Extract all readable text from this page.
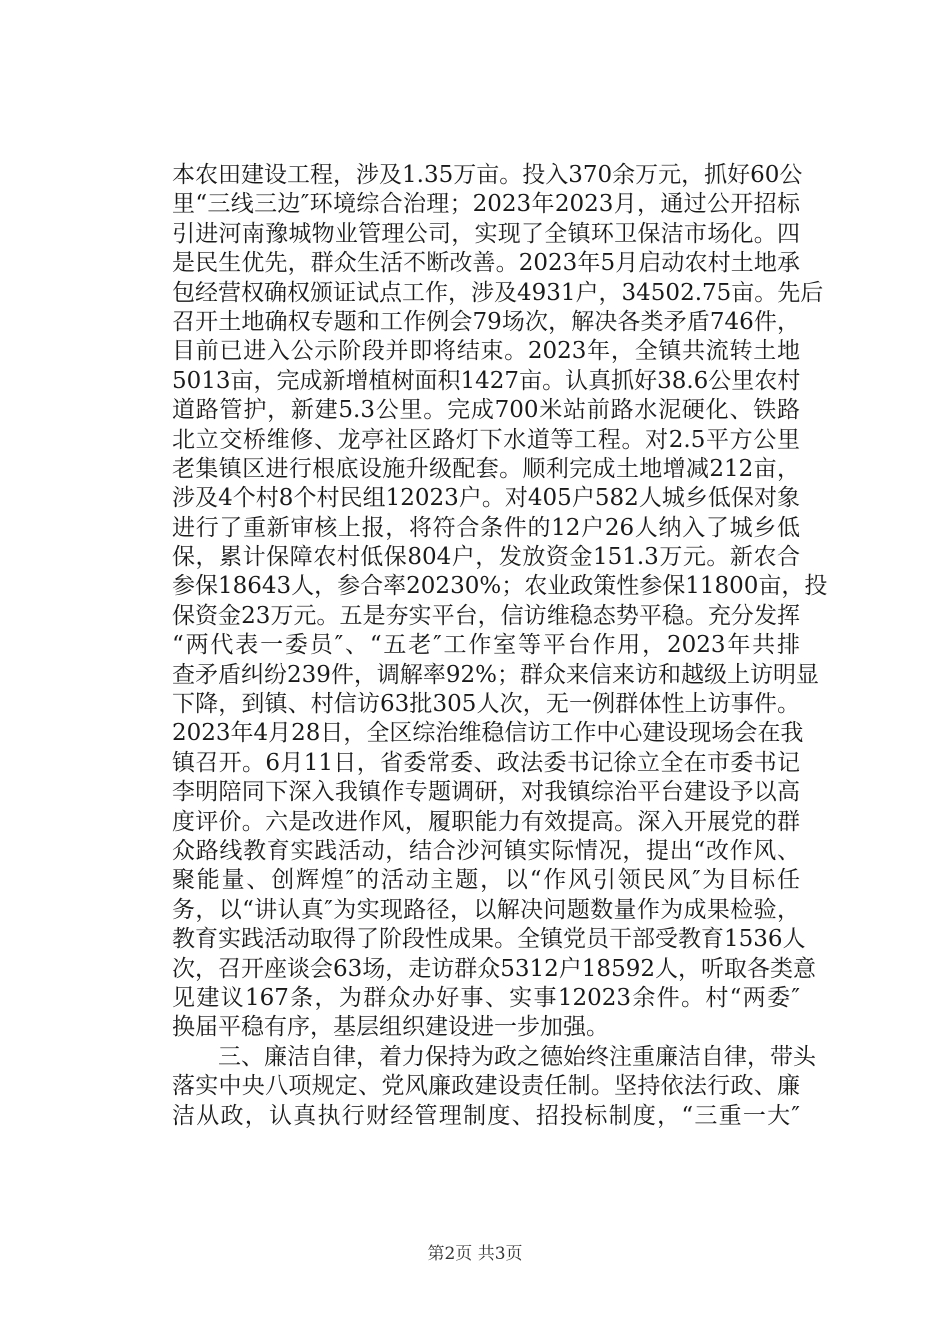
本农田建设工程，涉及1.35万亩。投入370余万元，抓好60公
里“三线三边″环境综合治理；2023年2023月，通过公开招标
引进河南豫城物业管理公司，实现了全镇环卫保洁市场化。四
是民生优先，群众生活不断改善。2023年5月启动农村土地承
包经营权确权颁证试点工作，涉及4931户，34502.75亩。先后
召开土地确权专题和工作例会79场次，解决各类矛盾746件，
目前已进入公示阶段并即将结束。2023年，全镇共流转土地
5013亩，完成新增植树面积1427亩。认真抓好38.6公里农村
道路管护，新建5.3公里。完成700米站前路水泥硬化、铁路
北立交桥维修、龙亭社区路灯下水道等工程。对2.5平方公里
老集镇区进行根底设施升级配套。顺利完成土地增减212亩，
涉及4个村8个村民组12023户。对405户582人城乡低保对象
进行了重新审核上报，将符合条件的12户26人纳入了城乡低
保，累计保障农村低保804户，发放资金151.3万元。新农合
参保18643人，参合率20230%；农业政策性参保11800亩，投
保资金23万元。五是夯实平台，信访维稳态势平稳。充分发挥
“两代表一委员″、“五老″工作室等平台作用，2023年共排
查矛盾纠纷239件，调解率92%；群众来信来访和越级上访明显
下降，到镇、村信访63批305人次，无一例群体性上访事件。
2023年4月28日，全区综治维稳信访工作中心建设现场会在我
镇召开。6月11日，省委常委、政法委书记徐立全在市委书记
李明陪同下深入我镇作专题调研，对我镇综治平台建设予以高
度评价。六是改进作风，履职能力有效提高。深入开展党的群
众路线教育实践活动，结合沙河镇实际情况，提出“改作风、
聚能量、创辉煌″的活动主题，以“作风引领民风″为目标任
务，以“讲认真″为实现路径，以解决问题数量作为成果检验，
教育实践活动取得了阶段性成果。全镇党员干部受教育1536人
次，召开座谈会63场，走访群众5312户18592人，听取各类意
见建议167条，为群众办好事、实事12023余件。村“两委″
换届平稳有序，基层组织建设进一步加强。
　　三、廉洁自律，着力保持为政之德始终注重廉洁自律，带头
落实中央八项规定、党风廉政建设责任制。坚持依法行政、廉
洁从政，认真执行财经管理制度、招投标制度，“三重一大″
第2页 共3页
